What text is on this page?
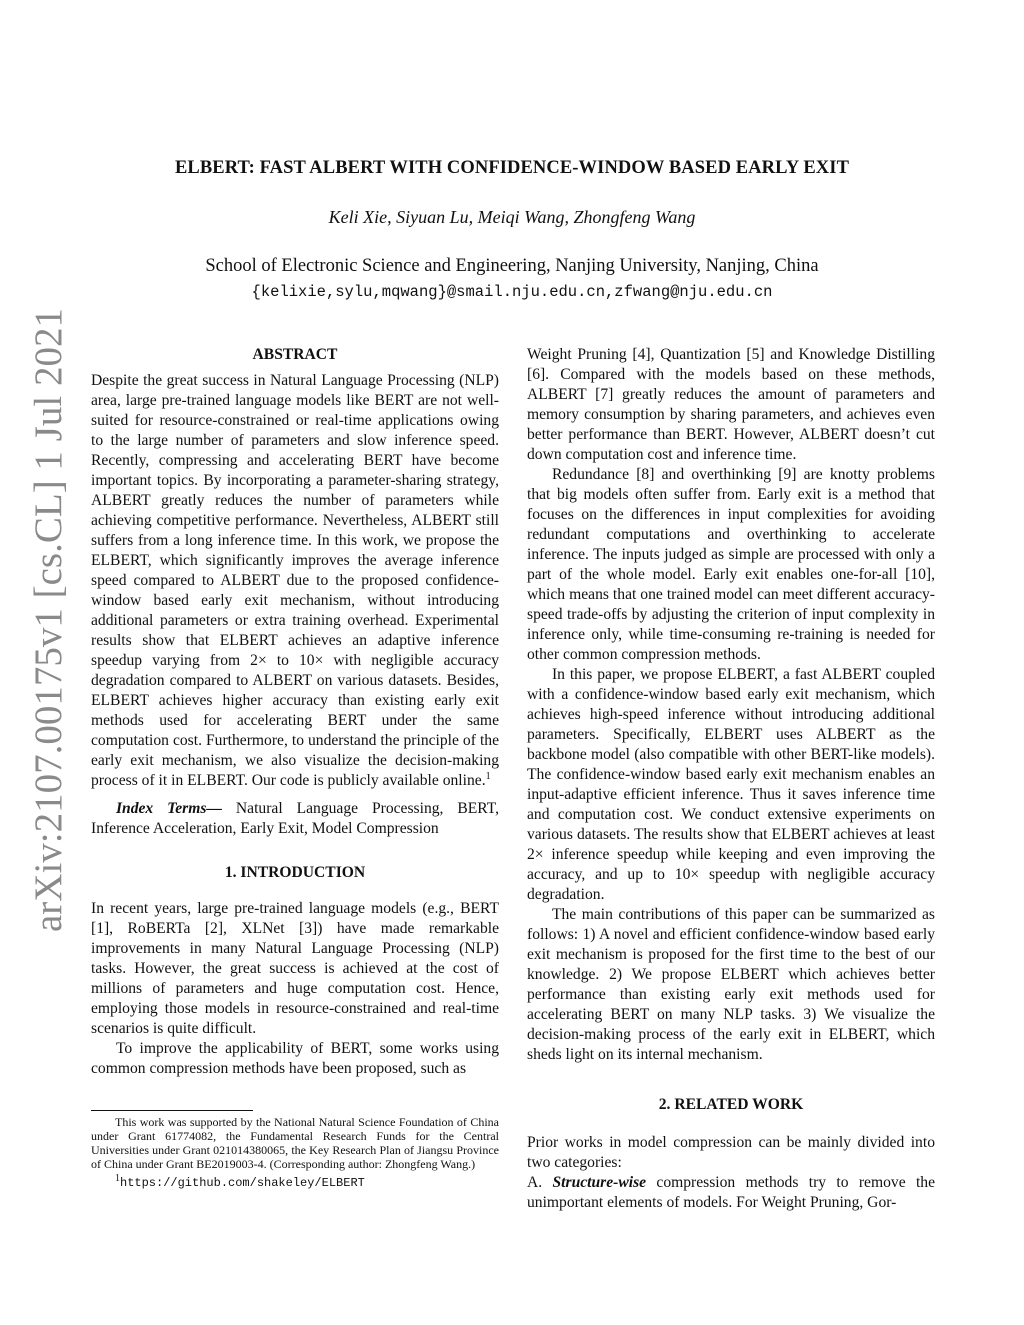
ELBERT: FAST ALBERT WITH CONFIDENCE-WINDOW BASED EARLY EXIT
Keli Xie, Siyuan Lu, Meiqi Wang, Zhongfeng Wang
School of Electronic Science and Engineering, Nanjing University, Nanjing, China
{kelixie,sylu,mqwang}@smail.nju.edu.cn,zfwang@nju.edu.cn
arXiv:2107.00175v1 [cs.CL] 1 Jul 2021	ABSTRACT

Despite the great success in Natural Language Processing (NLP) area, large pre-trained language models like BERT are not well-suited for resource-constrained or real-time applications owing to the large number of parameters and slow inference speed. Recently, compressing and accelerating BERT have become important topics. By incorporating a parameter-sharing strategy, ALBERT greatly reduces the number of parameters while achieving competitive performance. Nevertheless, ALBERT still suffers from a long inference time. In this work, we propose the ELBERT, which significantly improves the average inference speed compared to ALBERT due to the proposed confidence-window based early exit mechanism, without introducing additional parameters or extra training overhead. Experimental results show that ELBERT achieves an adaptive inference speedup varying from 2× to 10× with negligible accuracy degradation compared to ALBERT on various datasets. Besides, ELBERT achieves higher accuracy than existing early exit methods used for accelerating BERT under the same computation cost. Furthermore, to understand the principle of the early exit mechanism, we also visualize the decision-making process of it in ELBERT. Our code is publicly available online.$^1$

Index Terms— Natural Language Processing, BERT, Inference Acceleration, Early Exit, Model Compression

1. INTRODUCTION

In recent years, large pre-trained language models (e.g., BERT [1], RoBERTa [2], XLNet [3]) have made remarkable improvements in many Natural Language Processing (NLP) tasks. However, the great success is achieved at the cost of millions of parameters and huge computation cost. Hence, employing those models in resource-constrained and real-time scenarios is quite difficult.

To improve the applicability of BERT, some works using common compression methods have been proposed, such as

This work was supported by the National Natural Science Foundation of China under Grant 61774082, the Fundamental Research Funds for the Central Universities under Grant 021014380065, the Key Research Plan of Jiangsu Province of China under Grant BE2019003-4. (Corresponding author: Zhongfeng Wang.)

$^1$https://github.com/shakeley/ELBERT

Weight Pruning [4], Quantization [5] and Knowledge Distilling [6]. Compared with the models based on these methods, ALBERT [7] greatly reduces the amount of parameters and memory consumption by sharing parameters, and achieves even better performance than BERT. However, ALBERT doesn’t cut down computation cost and inference time.

Redundance [8] and overthinking [9] are knotty problems that big models often suffer from. Early exit is a method that focuses on the differences in input complexities for avoiding redundant computations and overthinking to accelerate inference. The inputs judged as simple are processed with only a part of the whole model. Early exit enables one-for-all [10], which means that one trained model can meet different accuracy-speed trade-offs by adjusting the criterion of input complexity in inference only, while time-consuming re-training is needed for other common compression methods.

In this paper, we propose ELBERT, a fast ALBERT coupled with a confidence-window based early exit mechanism, which achieves high-speed inference without introducing additional parameters. Specifically, ELBERT uses ALBERT as the backbone model (also compatible with other BERT-like models). The confidence-window based early exit mechanism enables an input-adaptive efficient inference. Thus it saves inference time and computation cost. We conduct extensive experiments on various datasets. The results show that ELBERT achieves at least 2× inference speedup while keeping and even improving the accuracy, and up to 10× speedup with negligible accuracy degradation.

The main contributions of this paper can be summarized as follows: 1) A novel and efficient confidence-window based early exit mechanism is proposed for the first time to the best of our knowledge. 2) We propose ELBERT which achieves better performance than existing early exit methods used for accelerating BERT on many NLP tasks. 3) We visualize the decision-making process of the early exit in ELBERT, which sheds light on its internal mechanism.

2. RELATED WORK

Prior works in model compression can be mainly divided into two categories:

A. Structure-wise compression methods try to remove the unimportant elements of models. For Weight Pruning, Gor-
